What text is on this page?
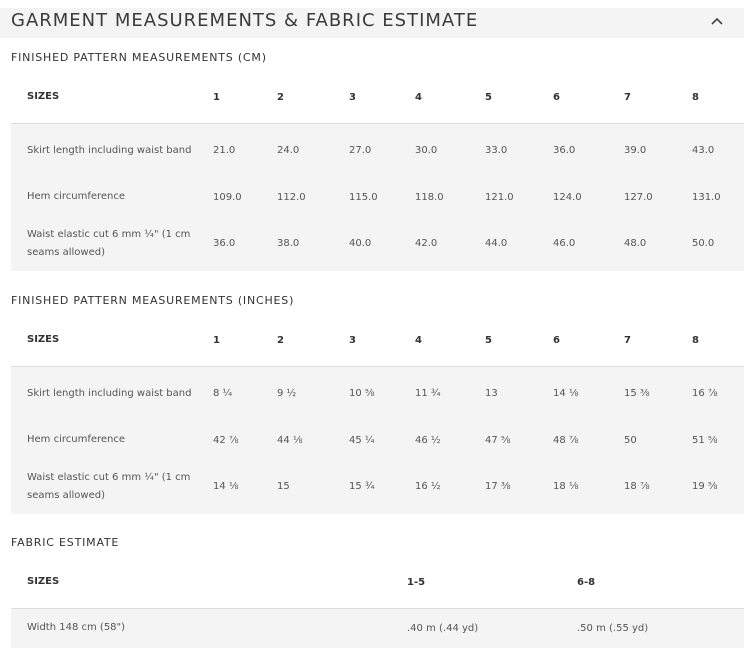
GARMENT MEASUREMENTS & FABRIC ESTIMATE
FINISHED PATTERN MEASUREMENTS (CM)
SIZES	1	2	3	4	5	6	7	8
Skirt length including waist band	21.0	24.0	27.0	30.0	33.0	36.0	39.0	43.0
Hem circumference	109.0	112.0	115.0	118.0	121.0	124.0	127.0	131.0
Waist elastic cut 6 mm ¼" (1 cm seams allowed)	36.0	38.0	40.0	42.0	44.0	46.0	48.0	50.0
FINISHED PATTERN MEASUREMENTS (INCHES)
SIZES	1	2	3	4	5	6	7	8
Skirt length including waist band	8 ¼	9 ½	10 ⅝	11 ¾	13	14 ⅛	15 ⅜	16 ⅞
Hem circumference	42 ⅞	44 ⅛	45 ¼	46 ½	47 ⅝	48 ⅞	50	51 ⅝
Waist elastic cut 6 mm ¼" (1 cm seams allowed)	14 ⅛	15	15 ¾	16 ½	17 ⅜	18 ⅛	18 ⅞	19 ⅝
FABRIC ESTIMATE
SIZES	1-5	6-8
Width 148 cm (58")	.40 m (.44 yd)	.50 m (.55 yd)
